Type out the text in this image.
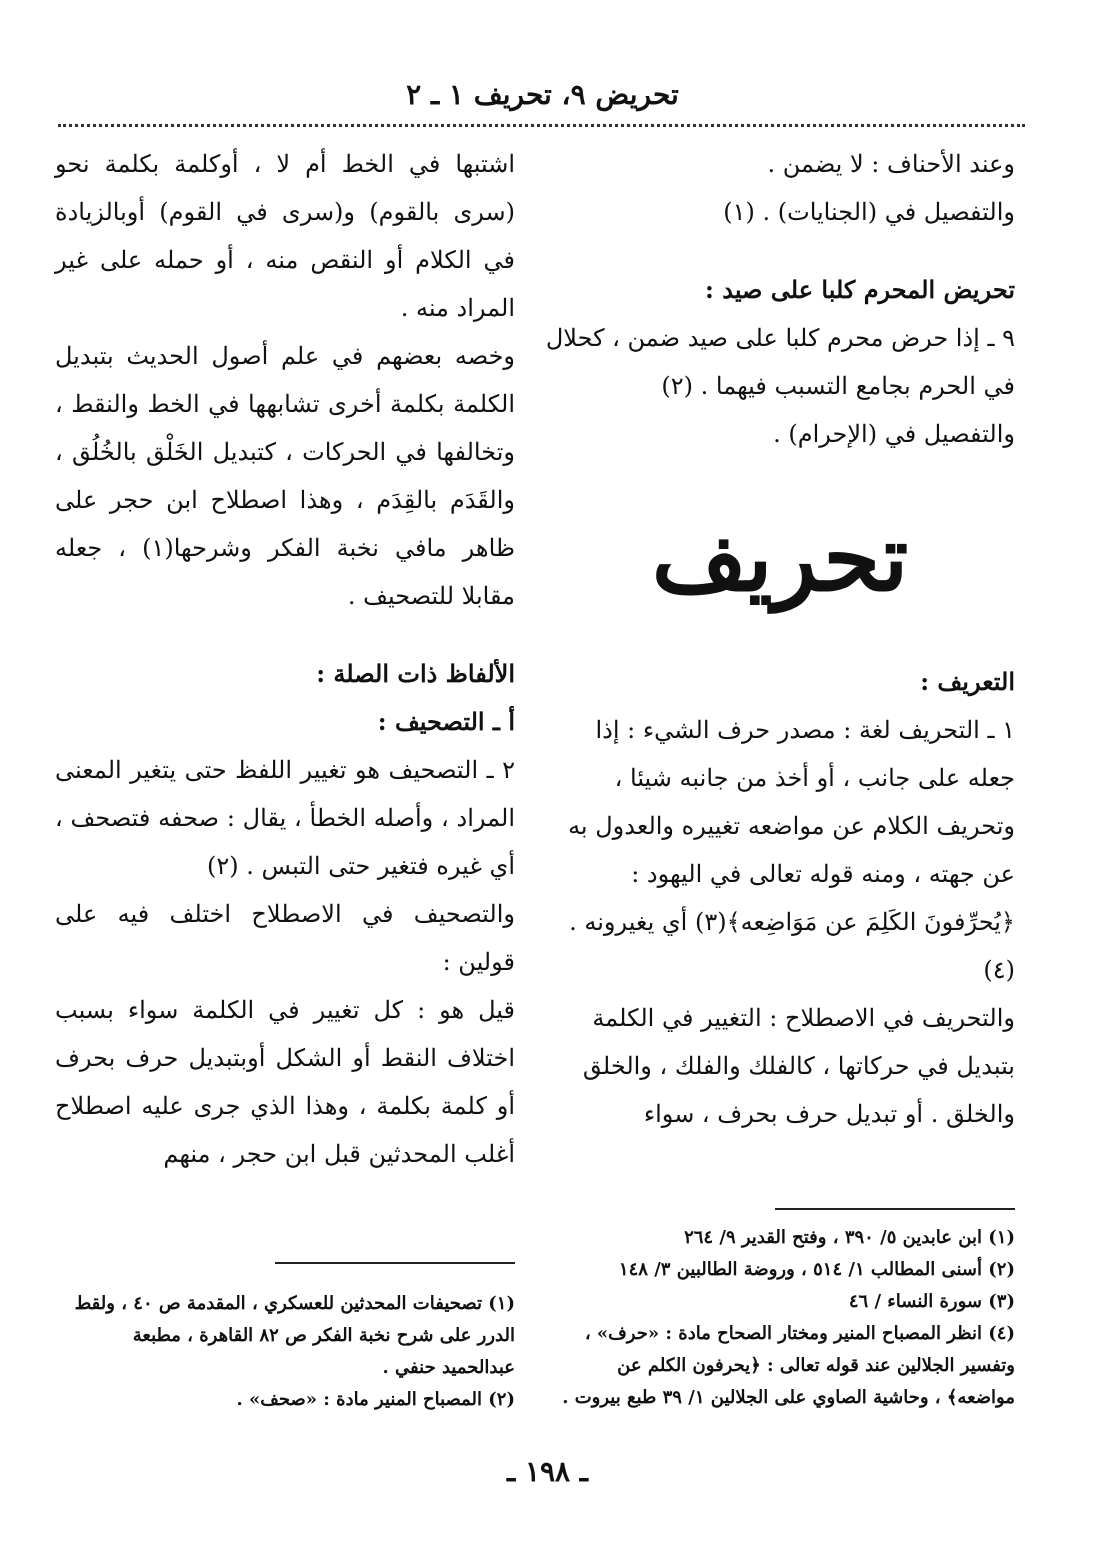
تحريض ٩، تحريف ١ ـ ٢

وعند الأحناف : لا يضمن .

والتفصيل في (الجنايات) . (١)

تحريض المحرم كلبا على صيد :

٩ ـ إذا حرض محرم كلبا على صيد ضمن ، كحلال في الحرم بجامع التسبب فيهما . (٢)

والتفصيل في (الإحرام) .

تحريف

التعريف :

١ ـ التحريف لغة : مصدر حرف الشيء : إذا جعله على جانب ، أو أخذ من جانبه شيئا ، وتحريف الكلام عن مواضعه تغييره والعدول به عن جهته ، ومنه قوله تعالى في اليهود : ﴿يُحرِّفونَ الكَلِمَ عن مَوَاضِعه﴾(٣) أي يغيرونه . (٤)

والتحريف في الاصطلاح : التغيير في الكلمة بتبديل في حركاتها ، كالفلك والفلك ، والخلق والخلق . أو تبديل حرف بحرف ، سواء

اشتبها في الخط أم لا ، أوكلمة بكلمة نحو (سرى بالقوم) و(سرى في القوم) أوبالزيادة في الكلام أو النقص منه ، أو حمله على غير المراد منه .

وخصه بعضهم في علم أصول الحديث بتبديل الكلمة بكلمة أخرى تشابهها في الخط والنقط ، وتخالفها في الحركات ، كتبديل الخَلْق بالخُلُق ، والقَدَم بالقِدَم ، وهذا اصطلاح ابن حجر على ظاهر مافي نخبة الفكر وشرحها(١) ، جعله مقابلا للتصحيف .

الألفاظ ذات الصلة :

أ ـ التصحيف :

٢ ـ التصحيف هو تغيير اللفظ حتى يتغير المعنى المراد ، وأصله الخطأ ، يقال : صحفه فتصحف ، أي غيره فتغير حتى التبس . (٢)

والتصحيف في الاصطلاح اختلف فيه على قولين :

قيل هو : كل تغيير في الكلمة سواء بسبب اختلاف النقط أو الشكل أوبتبديل حرف بحرف أو كلمة بكلمة ، وهذا الذي جرى عليه اصطلاح أغلب المحدثين قبل ابن حجر ، منهم

(١) ابن عابدين ٥/ ٣٩٠ ، وفتح القدير ٩/ ٢٦٤

(٢) أسنى المطالب ١/ ٥١٤ ، وروضة الطالبين ٣/ ١٤٨

(٣) سورة النساء / ٤٦

(٤) انظر المصباح المنير ومختار الصحاح مادة : «حرف» ، وتفسير الجلالين عند قوله تعالى : ﴿يحرفون الكلم عن مواضعه﴾ ، وحاشية الصاوي على الجلالين ١/ ٣٩ طبع بيروت .

(١) تصحيفات المحدثين للعسكري ، المقدمة ص ٤٠ ، ولقط الدرر على شرح نخبة الفكر ص ٨٢ القاهرة ، مطبعة عبدالحميد حنفي .

(٢) المصباح المنير مادة : «صحف» .

ـ ١٩٨ ـ
